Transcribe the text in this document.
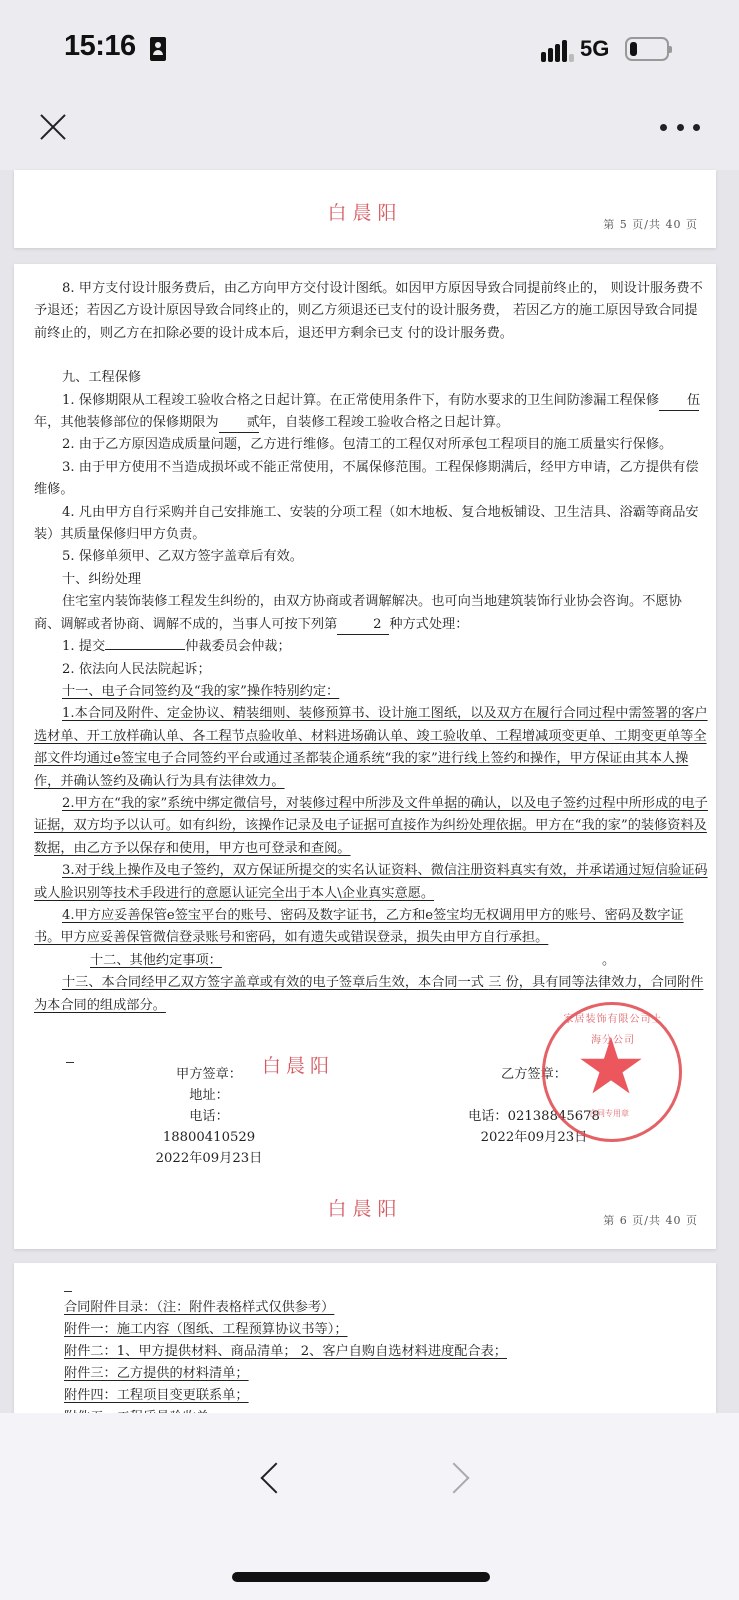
15:16	5G
白晨阳
第 5 页/共 40 页

8. 甲方支付设计服务费后，由乙方向甲方交付设计图纸。如因甲方原因导致合同提前终止的， 则设计服务费不予退还；若因乙方设计原因导致合同终止的，则乙方须退还已支付的设计服务费， 若因乙方的施工原因导致合同提前终止的，则乙方在扣除必要的设计成本后，退还甲方剩余已支 付的设计服务费。

九、工程保修

1. 保修期限从工程竣工验收合格之日起计算。在正常使用条件下，有防水要求的卫生间防渗漏工程保修 伍年，其他装修部位的保修期限为 贰年，自装修工程竣工验收合格之日起计算。

2. 由于乙方原因造成质量问题，乙方进行维修。包清工的工程仅对所承包工程项目的施工质量实行保修。

3. 由于甲方使用不当造成损坏或不能正常使用，不属保修范围。工程保修期满后，经甲方申请，乙方提供有偿维修。

4. 凡由甲方自行采购并自己安排施工、安装的分项工程（如木地板、复合地板铺设、卫生洁具、浴霸等商品安装）其质量保修归甲方负责。

5. 保修单须甲、乙双方签字盖章后有效。

十、纠纷处理

住宅室内装饰装修工程发生纠纷的，由双方协商或者调解解决。也可向当地建筑装饰行业协会咨询。不愿协商、调解或者协商、调解不成的，当事人可按下列第	2 种方式处理：

1. 提交	仲裁委员会仲裁；

2. 依法向人民法院起诉；

十一、电子合同签约及“我的家”操作特别约定：

1.本合同及附件、定金协议、精装细则、装修预算书、设计施工图纸，以及双方在履行合同过程中需签署的客户选材单、开工放样确认单、各工程节点验收单、材料进场确认单、竣工验收单、工程增减项变更单、工期变更单等全部文件均通过e签宝电子合同签约平台或通过圣都装企通系统“我的家”进行线上签约和操作，甲方保证由其本人操作，并确认签约及确认行为具有法律效力。

2.甲方在“我的家”系统中绑定微信号，对装修过程中所涉及文件单据的确认，以及电子签约过程中所形成的电子证据，双方均予以认可。如有纠纷，该操作记录及电子证据可直接作为纠纷处理依据。甲方在“我的家”的装修资料及数据，由乙方予以保存和使用，甲方也可登录和查阅。

3.对于线上操作及电子签约，双方保证所提交的实名认证资料、微信注册资料真实有效，并承诺通过短信验证码或人脸识别等技术手段进行的意愿认证完全出于本人\企业真实意愿。

4.甲方应妥善保管e签宝平台的账号、密码及数字证书，乙方和e签宝均无权调用甲方的账号、密码及数字证书。甲方应妥善保管微信登录账号和密码，如有遗失或错误登录，损失由甲方自行承担。

十二、其他约定事项：	。

十三、本合同经甲乙双方签字盖章或有效的电子签章后生效，本合同一式 三 份，具有同等法律效力，合同附件为本合同的组成部分。

甲方签章：
地址：
电话：18800410529
2022年09月23日
白晨阳	乙方签章：

电话：02138845678
2022年09月23日
家居装饰有限公司上海分公司
合同专用章
白晨阳
第 6 页/共 40 页

合同附件目录：（注：附件表格样式仅供参考）

附件一：施工内容（图纸、工程预算协议书等）；

附件二：1、甲方提供材料、商品清单； 2、客户自购自选材料进度配合表；

附件三：乙方提供的材料清单；

附件四：工程项目变更联系单；
